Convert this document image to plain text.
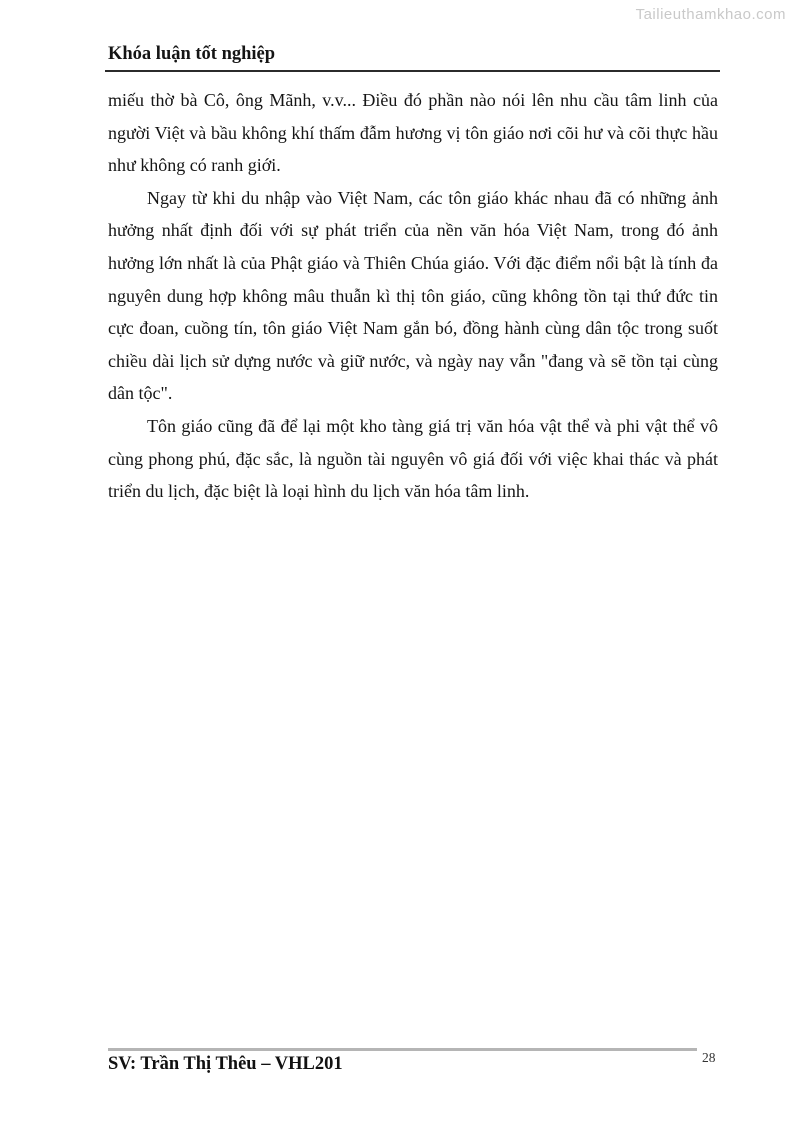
Tailieuthamkhao.com
Khóa luận tốt nghiệp

miếu thờ bà Cô, ông Mãnh, v.v... Điều đó phần nào nói lên nhu cầu tâm linh của người Việt và bầu không khí thấm đẫm hương vị tôn giáo nơi cõi hư và cõi thực hầu như không có ranh giới.

Ngay từ khi du nhập vào Việt Nam, các tôn giáo khác nhau đã có những ảnh hưởng nhất định đối với sự phát triển của nền văn hóa Việt Nam, trong đó ảnh hưởng lớn nhất là của Phật giáo và Thiên Chúa giáo. Với đặc điểm nổi bật là tính đa nguyên dung hợp không mâu thuẫn kì thị tôn giáo, cũng không tồn tại thứ đức tin cực đoan, cuồng tín, tôn giáo Việt Nam gắn bó, đồng hành cùng dân tộc trong suốt chiều dài lịch sử dựng nước và giữ nước, và ngày nay vẫn "đang và sẽ tồn tại cùng dân tộc".

Tôn giáo cũng đã để lại một kho tàng giá trị văn hóa vật thể và phi vật thể vô cùng phong phú, đặc sắc, là nguồn tài nguyên vô giá đối với việc khai thác và phát triển du lịch, đặc biệt là loại hình du lịch văn hóa tâm linh.

SV: Trần Thị Thêu – VHL201	28
